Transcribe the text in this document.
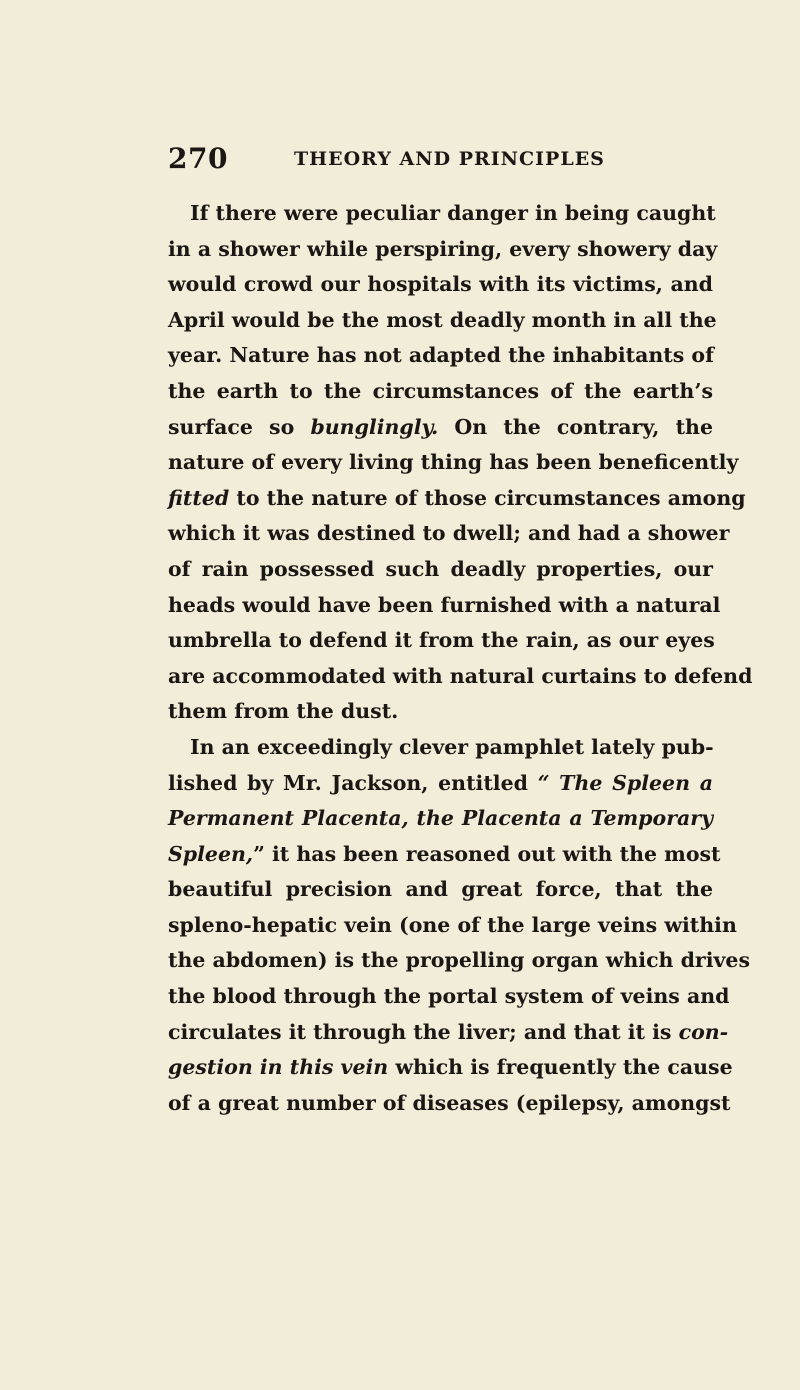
270	THEORY AND PRINCIPLES
If there were peculiar danger in being caught
in a shower while perspiring, every showery day
would crowd our hospitals with its victims, and
April would be the most deadly month in all the
year. Nature has not adapted the inhabitants of
the earth to the circumstances of the earth’s
surface so bunglingly. On the contrary, the
nature of every living thing has been beneficently
fitted to the nature of those circumstances among
which it was destined to dwell; and had a shower
of rain possessed such deadly properties, our
heads would have been furnished with a natural
umbrella to defend it from the rain, as our eyes
are accommodated with natural curtains to defend
them from the dust.
In an exceedingly clever pamphlet lately pub-
lished by Mr. Jackson, entitled “ The Spleen a
Permanent Placenta, the Placenta a Temporary
Spleen,” it has been reasoned out with the most
beautiful precision and great force, that the
spleno-hepatic vein (one of the large veins within
the abdomen) is the propelling organ which drives
the blood through the portal system of veins and
circulates it through the liver; and that it is con-
gestion in this vein which is frequently the cause
of a great number of diseases (epilepsy, amongst
